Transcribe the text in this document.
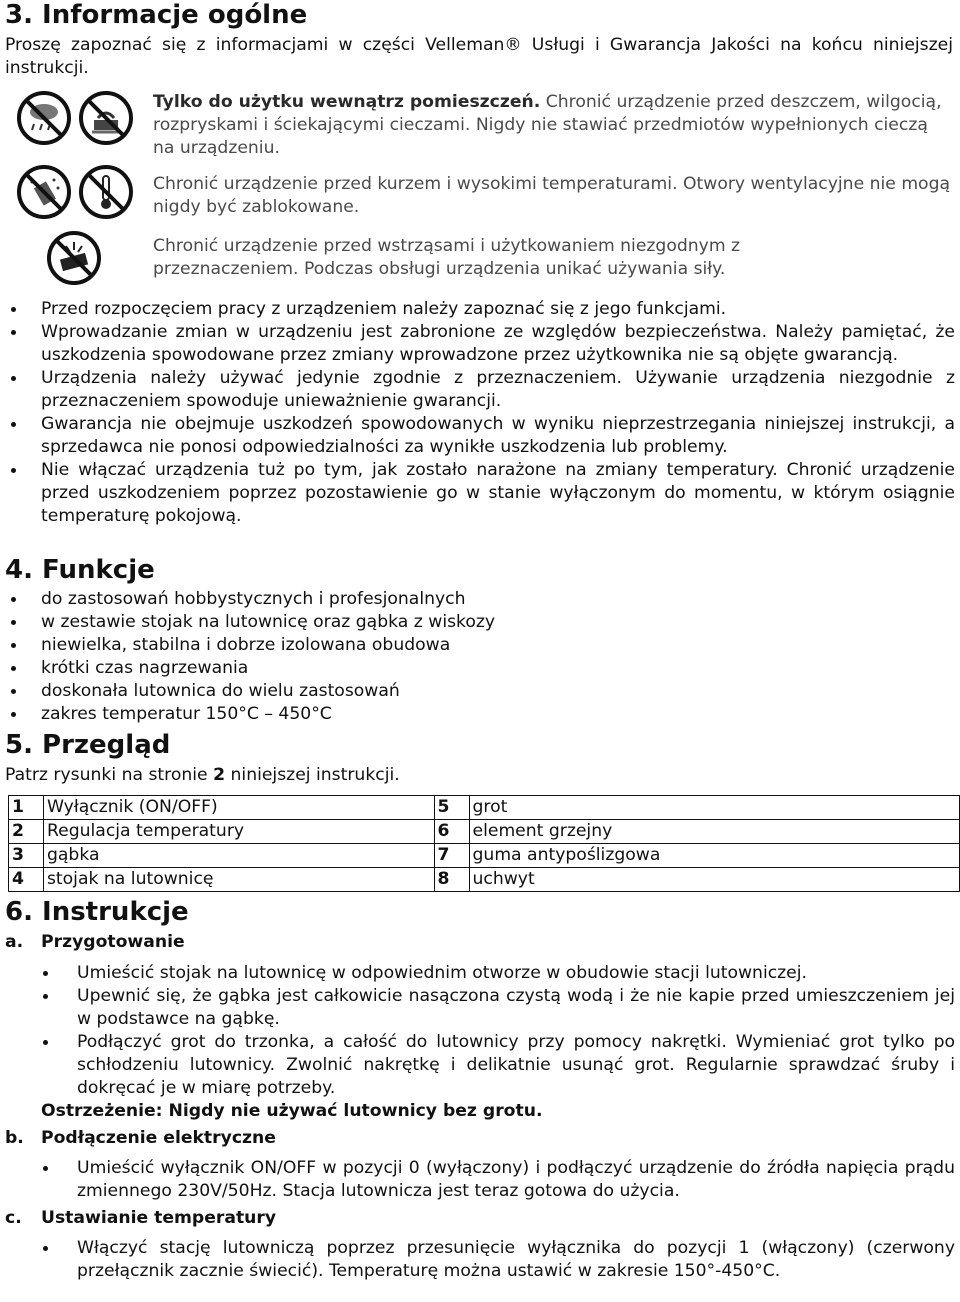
3. Informacje ogólne

Proszę zapoznać się z informacjami w części Velleman® Usługi i Gwarancja Jakości na końcu niniejszej instrukcji.

Tylko do użytku wewnątrz pomieszczeń. Chronić urządzenie przed deszczem, wilgocią, rozpryskami i ściekającymi cieczami. Nigdy nie stawiać przedmiotów wypełnionych cieczą na urządzeniu.

Chronić urządzenie przed kurzem i wysokimi temperaturami. Otwory wentylacyjne nie mogą nigdy być zablokowane.

Chronić urządzenie przed wstrząsami i użytkowaniem niezgodnym z przeznaczeniem. Podczas obsługi urządzenia unikać używania siły.

Przed rozpoczęciem pracy z urządzeniem należy zapoznać się z jego funkcjami.
Wprowadzanie zmian w urządzeniu jest zabronione ze względów bezpieczeństwa. Należy pamiętać, że uszkodzenia spowodowane przez zmiany wprowadzone przez użytkownika nie są objęte gwarancją.
Urządzenia należy używać jedynie zgodnie z przeznaczeniem. Używanie urządzenia niezgodnie z przeznaczeniem spowoduje unieważnienie gwarancji.
Gwarancja nie obejmuje uszkodzeń spowodowanych w wyniku nieprzestrzegania niniejszej instrukcji, a sprzedawca nie ponosi odpowiedzialności za wynikłe uszkodzenia lub problemy.
Nie włączać urządzenia tuż po tym, jak zostało narażone na zmiany temperatury. Chronić urządzenie przed uszkodzeniem poprzez pozostawienie go w stanie wyłączonym do momentu, w którym osiągnie temperaturę pokojową.
4. Funkcje
do zastosowań hobbystycznych i profesjonalnych
w zestawie stojak na lutownicę oraz gąbka z wiskozy
niewielka, stabilna i dobrze izolowana obudowa
krótki czas nagrzewania
doskonała lutownica do wielu zastosowań
zakres temperatur 150°C – 450°C
5. Przegląd

Patrz rysunki na stronie 2 niniejszej instrukcji.

1	Wyłącznik (ON/OFF)	5	grot
2	Regulacja temperatury	6	element grzejny
3	gąbka	7	guma antypoślizgowa
4	stojak na lutownicę	8	uchwyt
6. Instrukcje
a. Przygotowanie
Umieścić stojak na lutownicę w odpowiednim otworze w obudowie stacji lutowniczej.
Upewnić się, że gąbka jest całkowicie nasączona czystą wodą i że nie kapie przed umieszczeniem jej w podstawce na gąbkę.
Podłączyć grot do trzonka, a całość do lutownicy przy pomocy nakrętki. Wymieniać grot tylko po schłodzeniu lutownicy. Zwolnić nakrętkę i delikatnie usunąć grot. Regularnie sprawdzać śruby i dokręcać je w miarę potrzeby.

Ostrzeżenie: Nigdy nie używać lutownicy bez grotu.

b. Podłączenie elektryczne
Umieścić wyłącznik ON/OFF w pozycji 0 (wyłączony) i podłączyć urządzenie do źródła napięcia prądu zmiennego 230V/50Hz. Stacja lutownicza jest teraz gotowa do użycia.
c. Ustawianie temperatury
Włączyć stację lutowniczą poprzez przesunięcie wyłącznika do pozycji 1 (włączony) (czerwony przełącznik zacznie świecić). Temperaturę można ustawić w zakresie 150°-450°C.
